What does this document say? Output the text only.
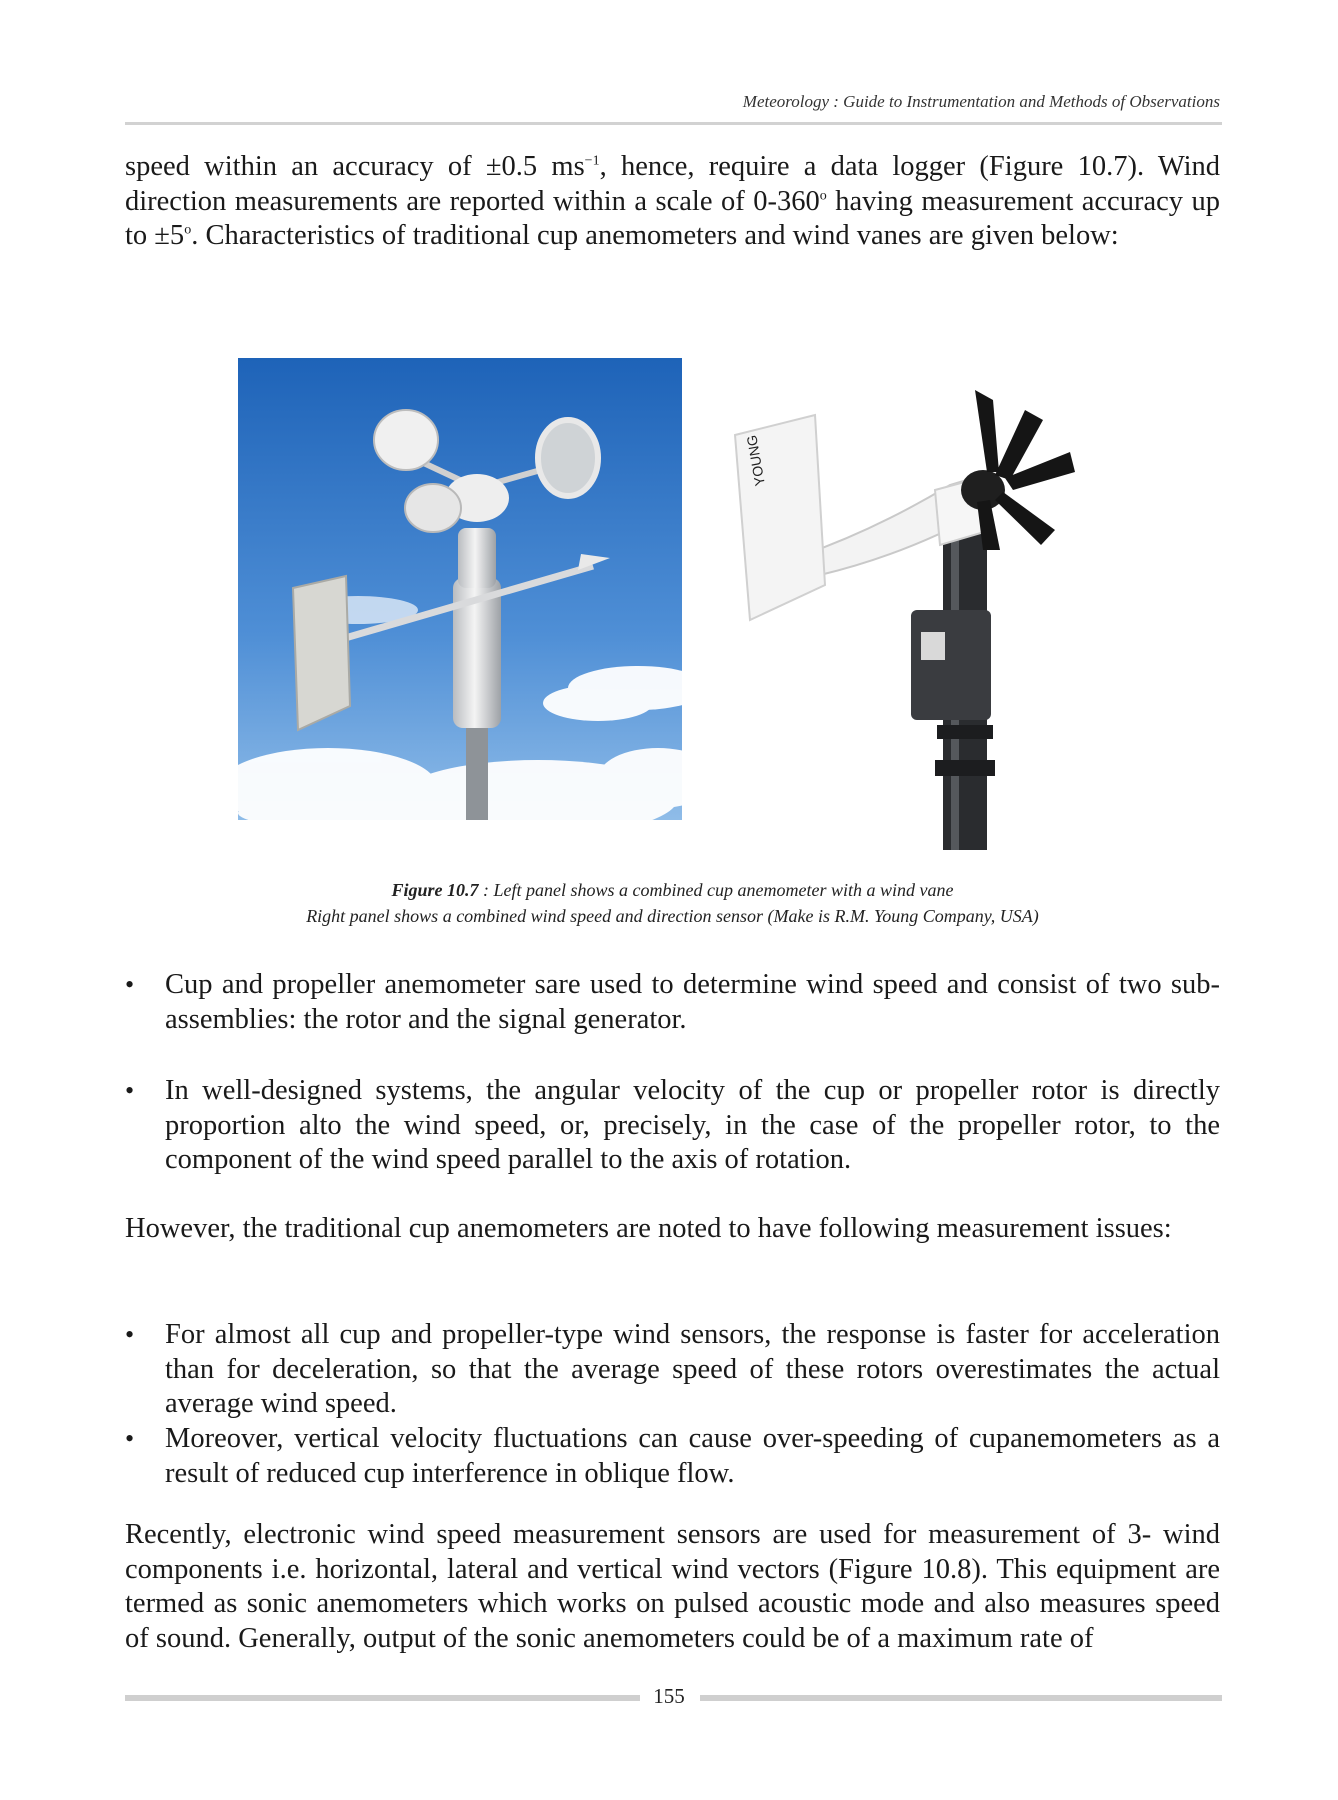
Meteorology : Guide to Instrumentation and Methods of Observations

speed within an accuracy of ±0.5 $ms^{-1}$, hence, require a data logger (Figure 10.7). Wind direction measurements are reported within a scale of 0-360$^o$ having measurement accuracy up to $\pm 5^o$. Characteristics of traditional cup anemometers and wind vanes are given below:

YOUNG
Figure 10.7 : Left panel shows a combined cup anemometer with a wind vane
Right panel shows a combined wind speed and direction sensor (Make is R.M. Young Company, USA)
• Cup and propeller anemometer sare used to determine wind speed and consist of two sub-assemblies: the rotor and the signal generator.

• In well-designed systems, the angular velocity of the cup or propeller rotor is directly proportion alto the wind speed, or, precisely, in the case of the propeller rotor, to the component of the wind speed parallel to the axis of rotation.

However, the traditional cup anemometers are noted to have following measurement issues:

• For almost all cup and propeller-type wind sensors, the response is faster for acceleration than for deceleration, so that the average speed of these rotors overestimates the actual average wind speed.

• Moreover, vertical velocity fluctuations can cause over-speeding of cupanemometers as a result of reduced cup interference in oblique flow.

Recently, electronic wind speed measurement sensors are used for measurement of 3- wind components i.e. horizontal, lateral and vertical wind vectors (Figure 10.8). This equipment are termed as sonic anemometers which works on pulsed acoustic mode and also measures speed of sound. Generally, output of the sonic anemometers could be of a maximum rate of

155
